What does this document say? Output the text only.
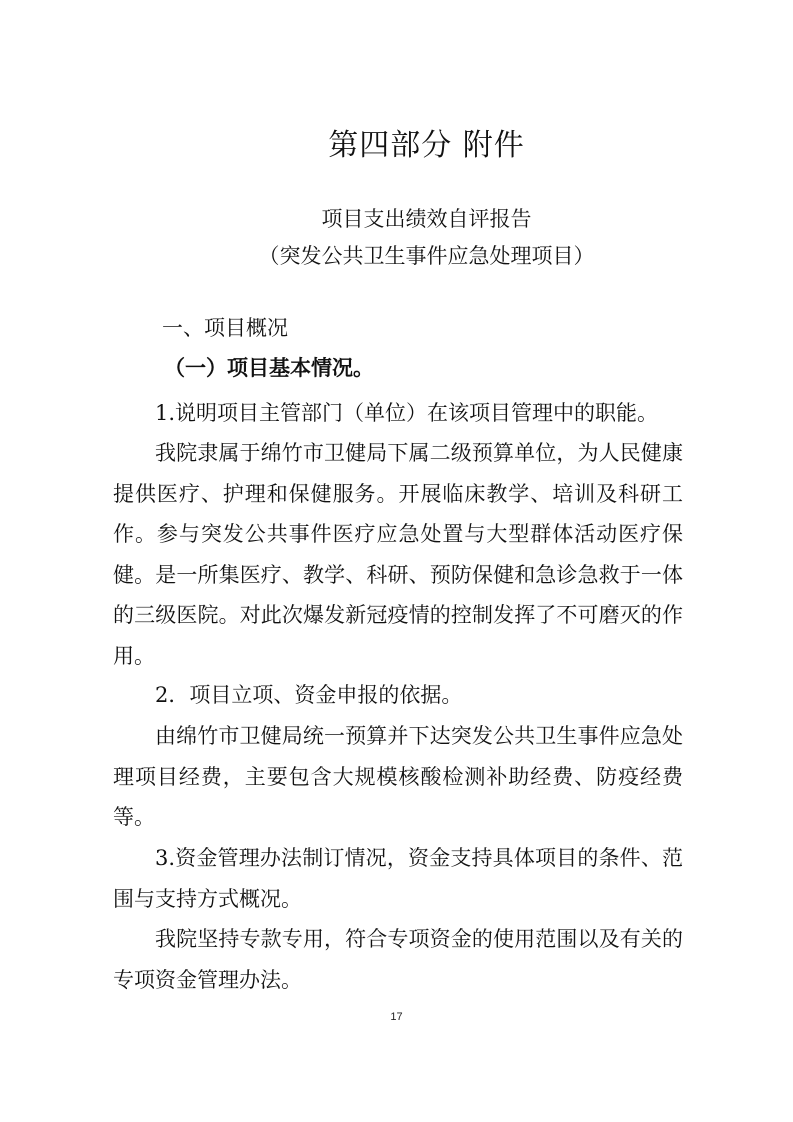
第四部分 附件
项目支出绩效自评报告
（突发公共卫生事件应急处理项目）

一、项目概况

（一）项目基本情况。

1.说明项目主管部门（单位）在该项目管理中的职能。

我院隶属于绵竹市卫健局下属二级预算单位，为人民健康提供医疗、护理和保健服务。开展临床教学、培训及科研工作。参与突发公共事件医疗应急处置与大型群体活动医疗保健。是一所集医疗、教学、科研、预防保健和急诊急救于一体的三级医院。对此次爆发新冠疫情的控制发挥了不可磨灭的作用。

2．项目立项、资金申报的依据。

由绵竹市卫健局统一预算并下达突发公共卫生事件应急处理项目经费，主要包含大规模核酸检测补助经费、防疫经费等。

3.资金管理办法制订情况，资金支持具体项目的条件、范围与支持方式概况。

我院坚持专款专用，符合专项资金的使用范围以及有关的专项资金管理办法。

17
